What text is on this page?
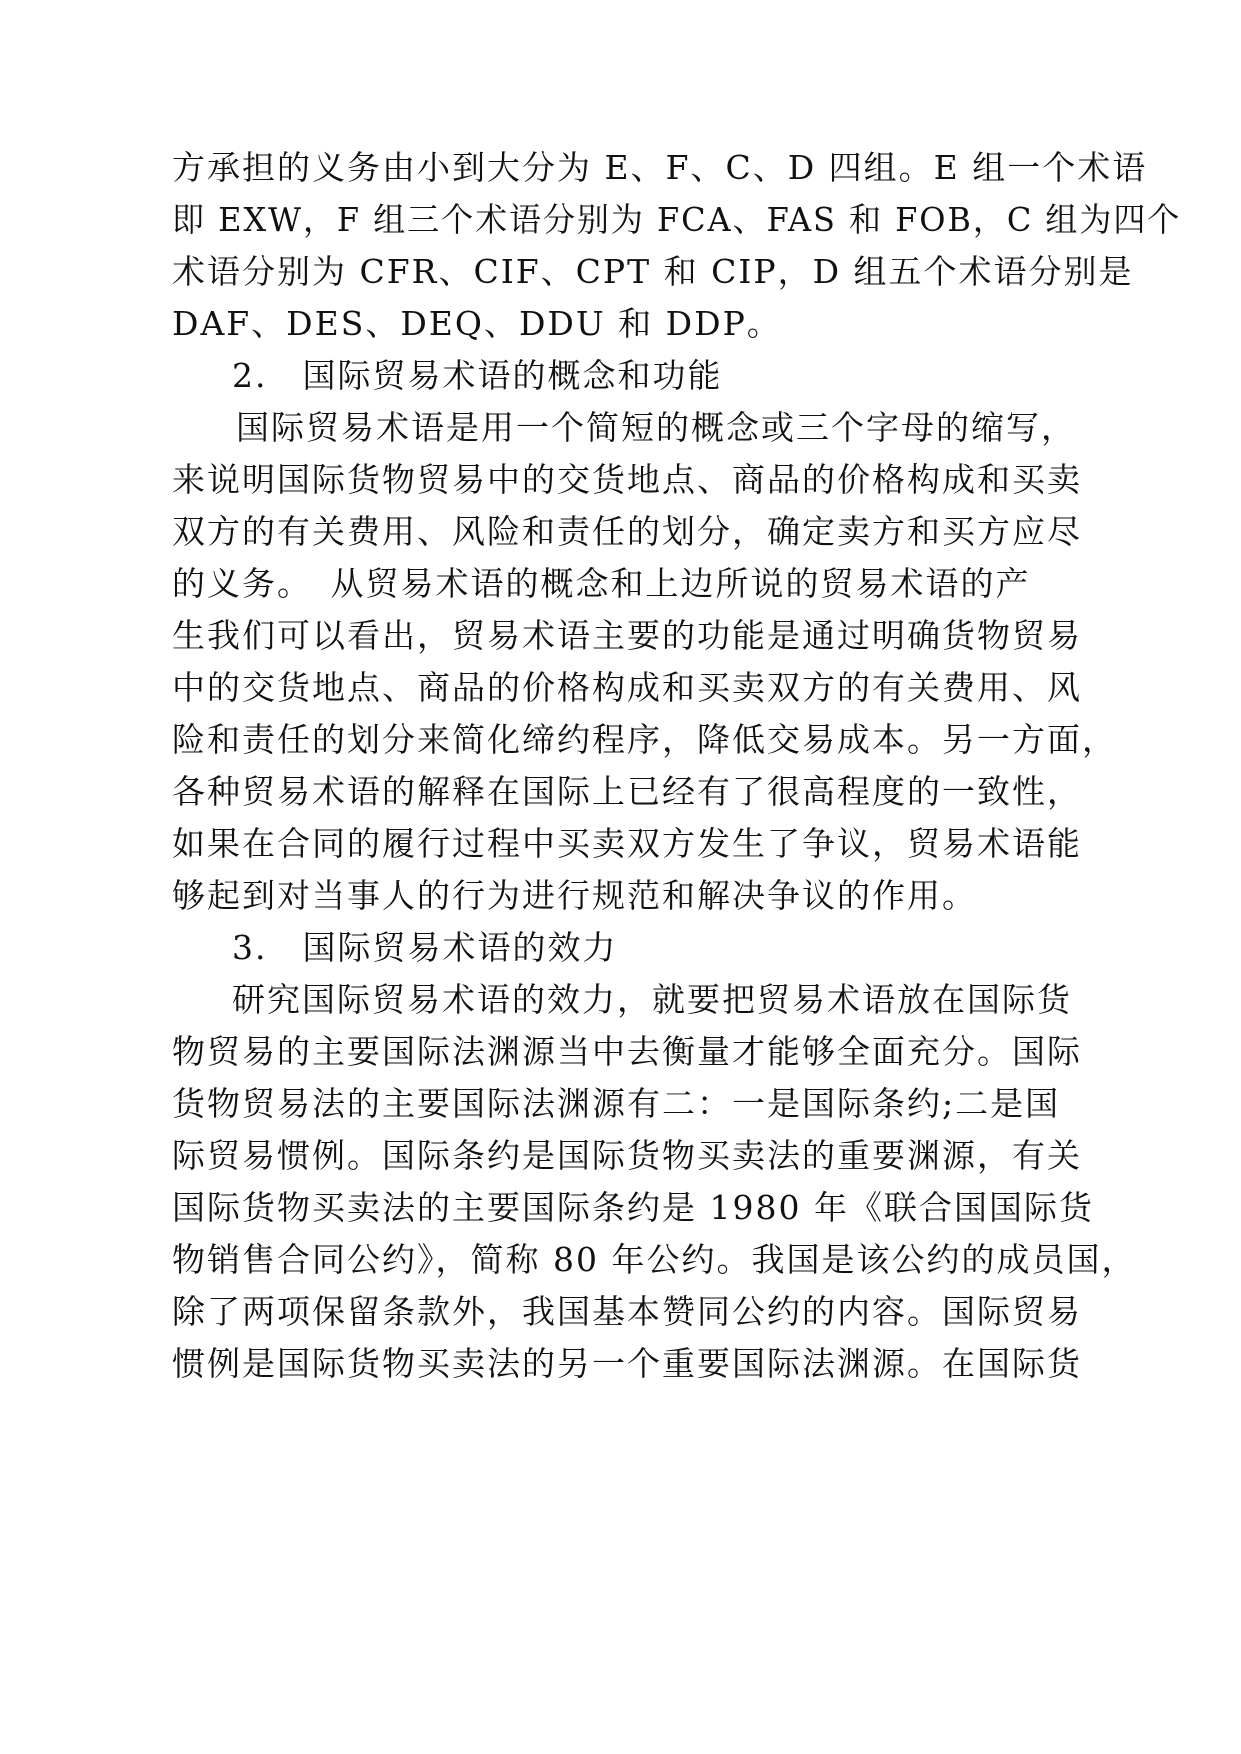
方承担的义务由小到大分为 E、F、C、D 四组。E 组一个术语
即 EXW，F 组三个术语分别为 FCA、FAS 和 FOB，C 组为四个
术语分别为 CFR、CIF、CPT 和 CIP，D 组五个术语分别是
DAF、DES、DEQ、DDU 和 DDP。
2.　国际贸易术语的概念和功能
国际贸易术语是用一个简短的概念或三个字母的缩写，
来说明国际货物贸易中的交货地点、商品的价格构成和买卖
双方的有关费用、风险和责任的划分，确定卖方和买方应尽
的义务。　从贸易术语的概念和上边所说的贸易术语的产
生我们可以看出，贸易术语主要的功能是通过明确货物贸易
中的交货地点、商品的价格构成和买卖双方的有关费用、风
险和责任的划分来简化缔约程序，降低交易成本。另一方面，
各种贸易术语的解释在国际上已经有了很高程度的一致性，
如果在合同的履行过程中买卖双方发生了争议，贸易术语能
够起到对当事人的行为进行规范和解决争议的作用。
3.　国际贸易术语的效力
研究国际贸易术语的效力，就要把贸易术语放在国际货
物贸易的主要国际法渊源当中去衡量才能够全面充分。国际
货物贸易法的主要国际法渊源有二：一是国际条约;二是国
际贸易惯例。国际条约是国际货物买卖法的重要渊源，有关
国际货物买卖法的主要国际条约是 1980 年《联合国国际货
物销售合同公约》，简称 80 年公约。我国是该公约的成员国，
除了两项保留条款外，我国基本赞同公约的内容。国际贸易
惯例是国际货物买卖法的另一个重要国际法渊源。在国际货
